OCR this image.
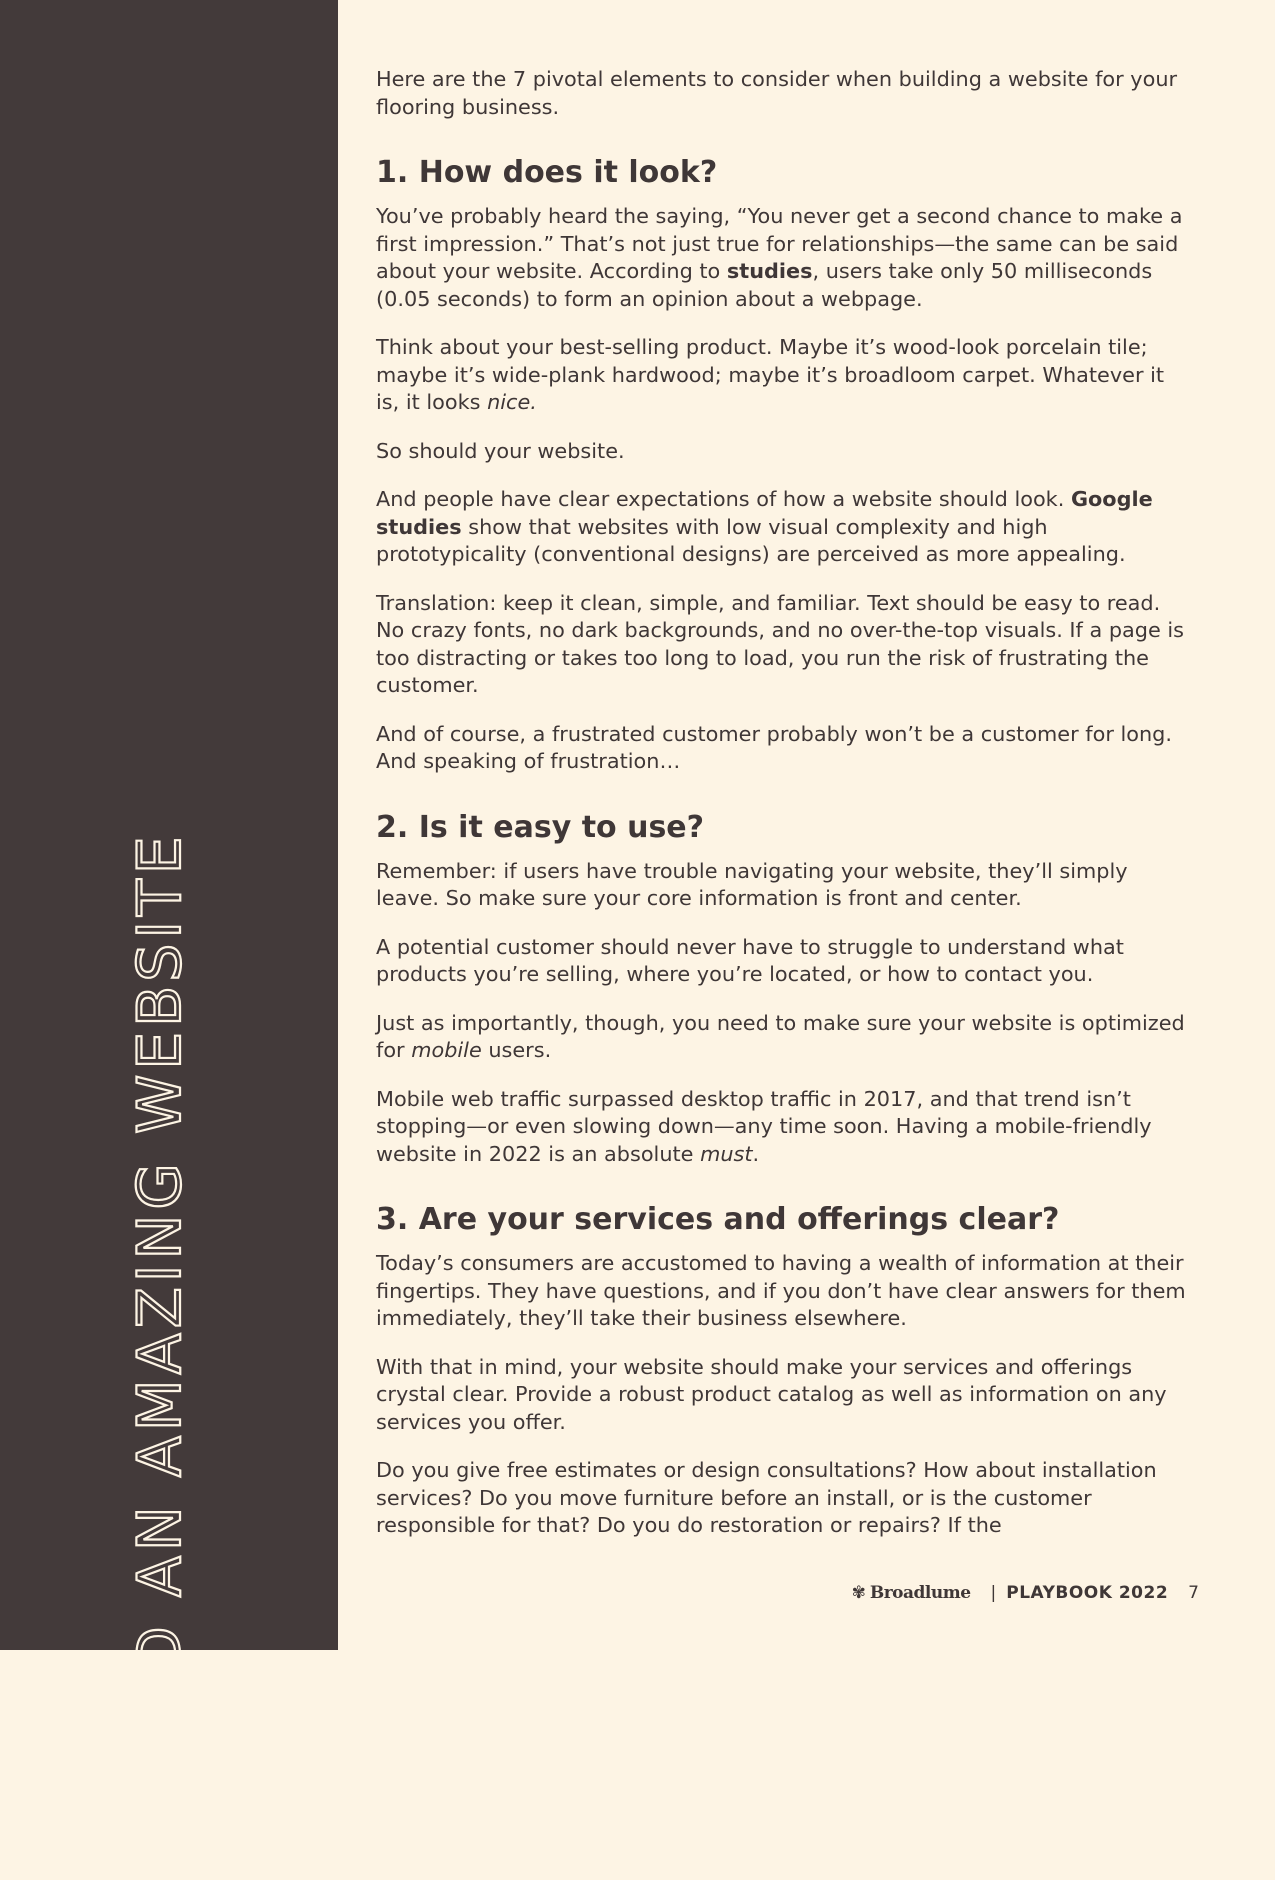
BUILD AN AMAZING WEBSITE

Here are the 7 pivotal elements to consider when building a website for your flooring business.

1. How does it look?

You’ve probably heard the saying, “You never get a second chance to make a first impression.” That’s not just true for relationships—the same can be said about your website. According to studies, users take only 50 milliseconds (0.05 seconds) to form an opinion about a webpage.

Think about your best-selling product. Maybe it’s wood-look porcelain tile; maybe it’s wide-plank hardwood; maybe it’s broadloom carpet. Whatever it is, it looks nice.

So should your website.

And people have clear expectations of how a website should look. Google studies show that websites with low visual complexity and high prototypicality (conventional designs) are perceived as more appealing.

Translation: keep it clean, simple, and familiar. Text should be easy to read. No crazy fonts, no dark backgrounds, and no over-the-top visuals. If a page is too distracting or takes too long to load, you run the risk of frustrating the customer.

And of course, a frustrated customer probably won’t be a customer for long. And speaking of frustration…

2. Is it easy to use?

Remember: if users have trouble navigating your website, they’ll simply leave. So make sure your core information is front and center.

A potential customer should never have to struggle to understand what products you’re selling, where you’re located, or how to contact you.

Just as importantly, though, you need to make sure your website is optimized for mobile users.

Mobile web traffic surpassed desktop traffic in 2017, and that trend isn’t stopping—or even slowing down—any time soon. Having a mobile-friendly website in 2022 is an absolute must.

3. Are your services and offerings clear?

Today’s consumers are accustomed to having a wealth of information at their fingertips. They have questions, and if you don’t have clear answers for them immediately, they’ll take their business elsewhere.

With that in mind, your website should make your services and offerings crystal clear. Provide a robust product catalog as well as information on any services you offer.

Do you give free estimates or design consultations? How about installation services? Do you move furniture before an install, or is the customer responsible for that? Do you do restoration or repairs? If the

✾ Broadlume | PLAYBOOK 2022 7
